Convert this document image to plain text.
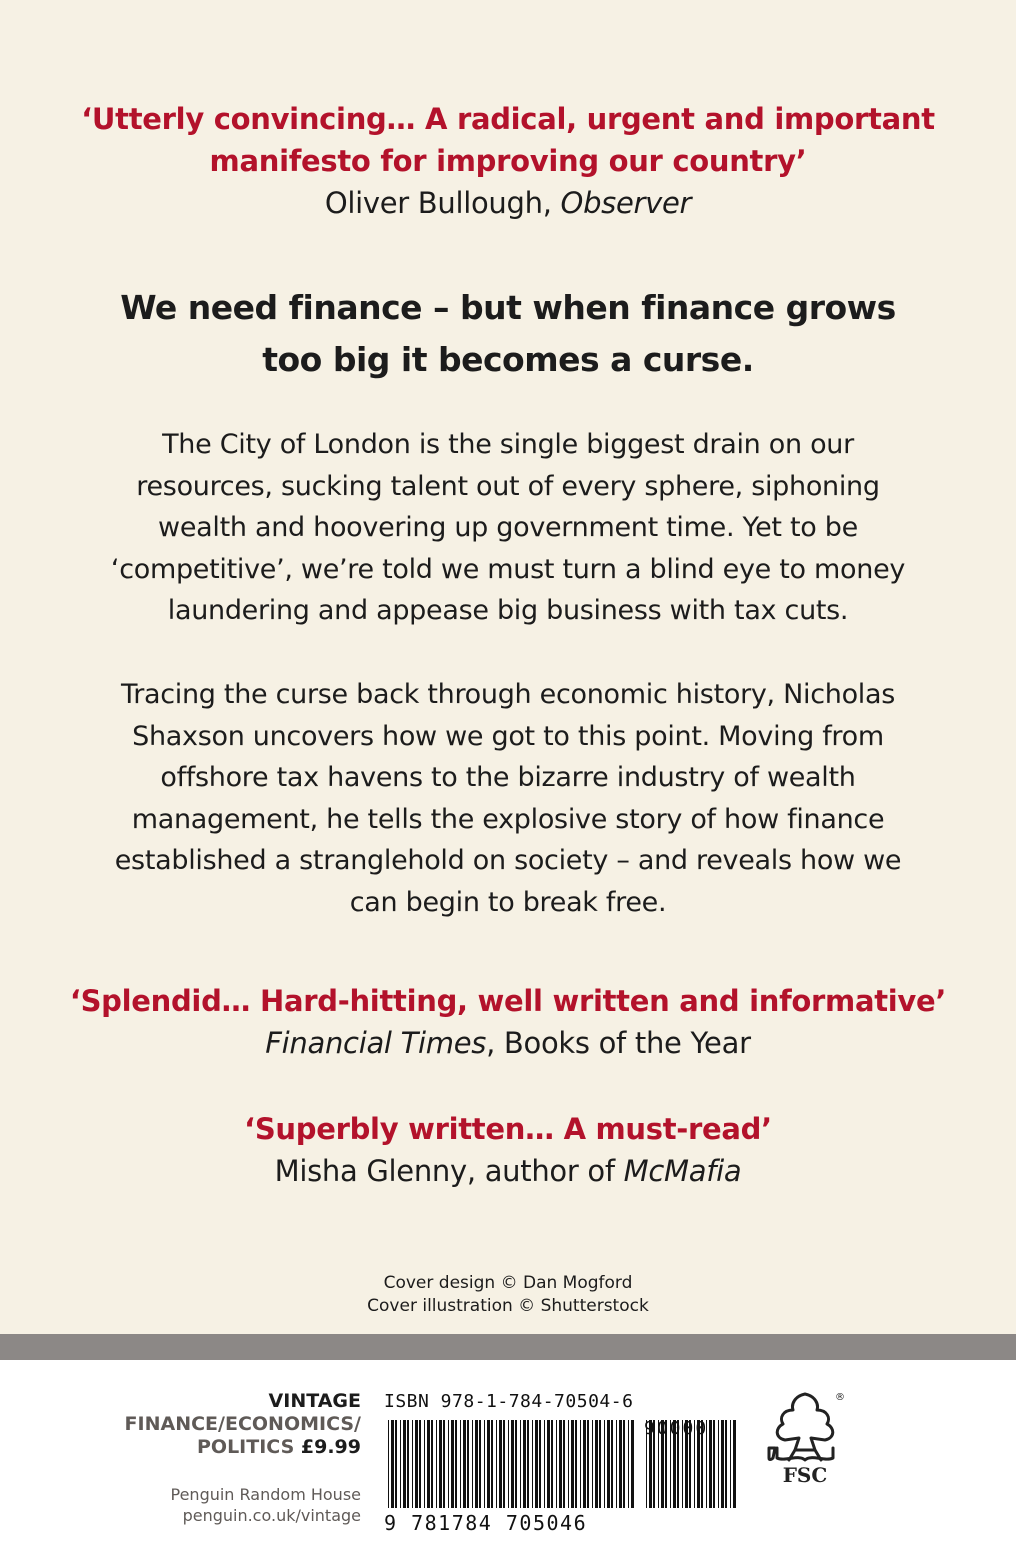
‘Utterly convincing… A radical, urgent and important
manifesto for improving our country’
Oliver Bullough, Observer
We need finance – but when finance grows
too big it becomes a curse.
The City of London is the single biggest drain on our
resources, sucking talent out of every sphere, siphoning
wealth and hoovering up government time. Yet to be
‘competitive’, we’re told we must turn a blind eye to money
laundering and appease big business with tax cuts.
Tracing the curse back through economic history, Nicholas
Shaxson uncovers how we got to this point. Moving from
offshore tax havens to the bizarre industry of wealth
management, he tells the explosive story of how finance
established a stranglehold on society – and reveals how we
can begin to break free.
‘Splendid… Hard-hitting, well written and informative’
Financial Times, Books of the Year
‘Superbly written… A must-read’
Misha Glenny, author of McMafia
Cover design © Dan Mogford
Cover illustration © Shutterstock
VINTAGE
FINANCE/ECONOMICS/
POLITICS £9.99
Penguin Random House
penguin.co.uk/vintage
ISBN 978-1-784-70504-6
9 781784 705046
90000
FSC
®
